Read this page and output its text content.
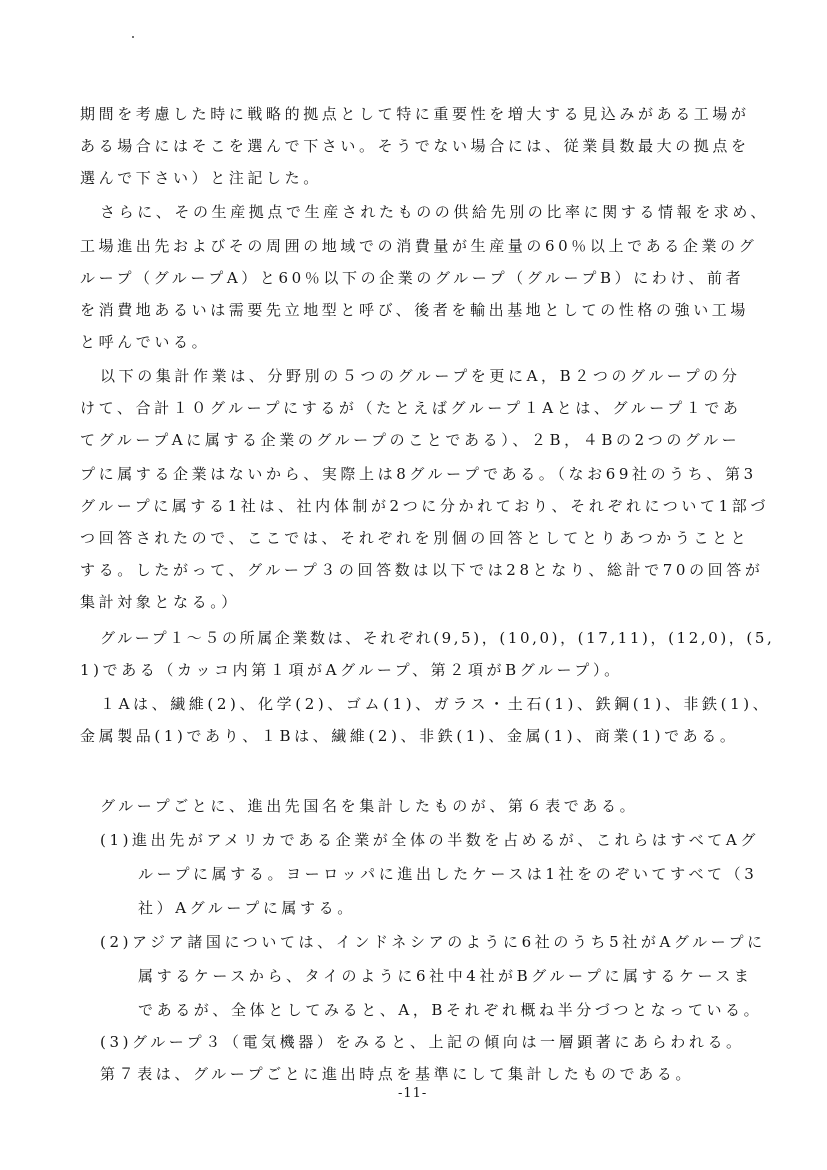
期間を考慮した時に戦略的拠点として特に重要性を増大する見込みがある工場が
ある場合にはそこを選んで下さい。そうでない場合には、従業員数最大の拠点を
選んで下さい）と注記した。
さらに、その生産拠点で生産されたものの供給先別の比率に関する情報を求め、
工場進出先およびその周囲の地域での消費量が生産量の60％以上である企業のグ
ループ（グループA）と60％以下の企業のグループ（グループB）にわけ、前者
を消費地あるいは需要先立地型と呼び、後者を輸出基地としての性格の強い工場
と呼んでいる。
以下の集計作業は、分野別の５つのグループを更にA，B２つのグループの分
けて、合計１０グループにするが（たとえばグループ１Aとは、グループ１であ
てグループAに属する企業のグループのことである）、２B，４Bの2つのグルー
プに属する企業はないから、実際上は8グループである。（なお69社のうち、第3
グループに属する1社は、社内体制が2つに分かれており、それぞれについて1部づ
つ回答されたので、ここでは、それぞれを別個の回答としてとりあつかうことと
する。したがって、グループ３の回答数は以下では28となり、総計で70の回答が
集計対象となる。）
グループ１～５の所属企業数は、それぞれ(9,5)，(10,0)，(17,11)，(12,0)，(5,
1)である（カッコ内第１項がAグループ、第２項がBグループ）。
１Aは、繊維(2)、化学(2)、ゴム(1)、ガラス・土石(1)、鉄鋼(1)、非鉄(1)、
金属製品(1)であり、１Bは、繊維(2)、非鉄(1)、金属(1)、商業(1)である。
グループごとに、進出先国名を集計したものが、第６表である。
(1)進出先がアメリカである企業が全体の半数を占めるが、これらはすべてAグ
ループに属する。ヨーロッパに進出したケースは1社をのぞいてすべて（3
社）Aグループに属する。
(2)アジア諸国については、インドネシアのように6社のうち5社がAグループに
属するケースから、タイのように6社中4社がBグループに属するケースま
であるが、全体としてみると、A，Bそれぞれ概ね半分づつとなっている。
(3)グループ３（電気機器）をみると、上記の傾向は一層顕著にあらわれる。
第７表は、グループごとに進出時点を基準にして集計したものである。
-11-
